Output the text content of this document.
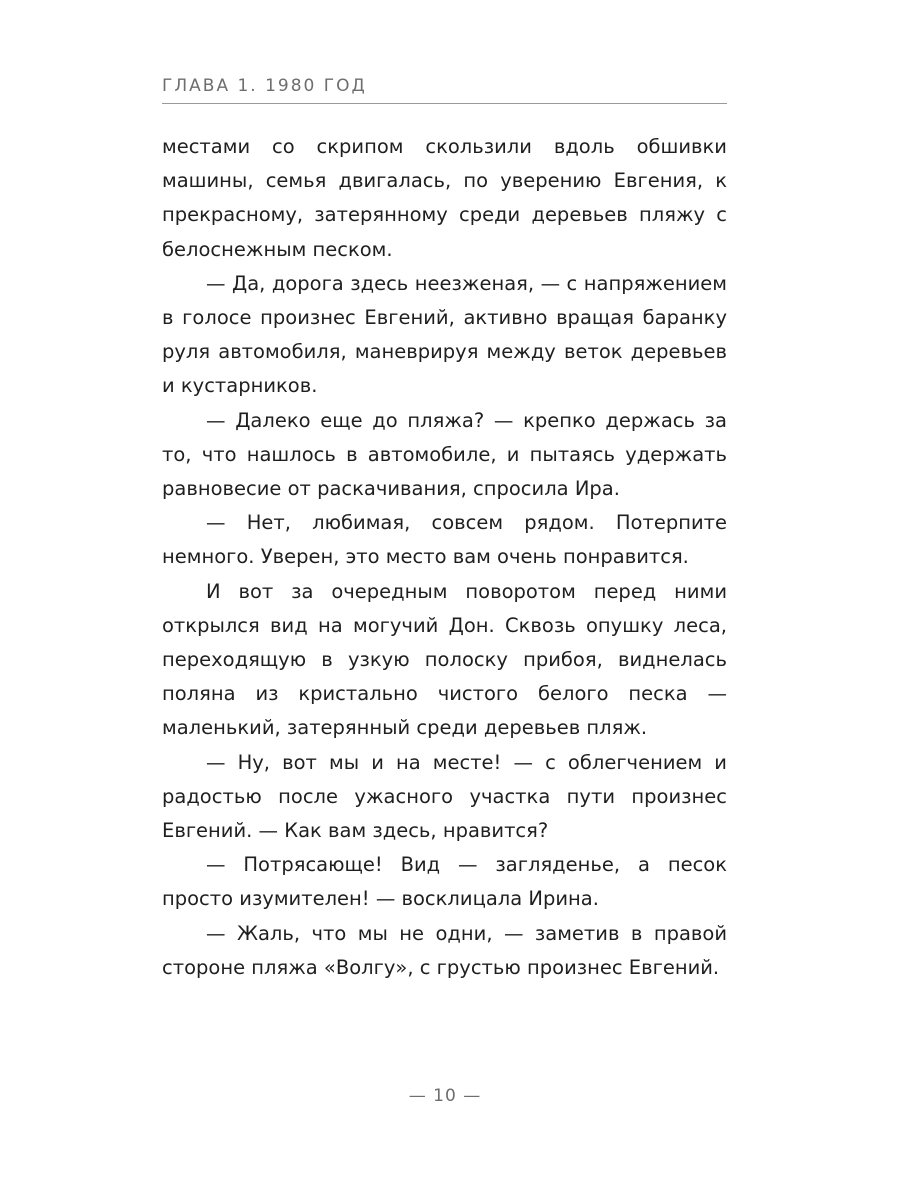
ГЛАВА 1. 1980 ГОД

местами со скрипом скользили вдоль обшивки машины, семья двигалась, по уверению Евгения, к прекрасному, затерянному среди деревьев пляжу с белоснежным песком.

— Да, дорога здесь неезженая, — с напряжением в голосе произнес Евгений, активно вращая баранку руля автомобиля, маневрируя между веток деревьев и кустарников.

— Далеко еще до пляжа? — крепко держась за то, что нашлось в автомобиле, и пытаясь удержать равновесие от раскачивания, спросила Ира.

— Нет, любимая, совсем рядом. Потерпите немного. Уверен, это место вам очень понравится.

И вот за очередным поворотом перед ними открылся вид на могучий Дон. Сквозь опушку леса, переходящую в узкую полоску прибоя, виднелась поляна из кристально чистого белого песка — маленький, затерянный среди деревьев пляж.

— Ну, вот мы и на месте! — с облегчением и радостью после ужасного участка пути произнес Евгений. — Как вам здесь, нравится?

— Потрясающе! Вид — загляденье, а песок просто изумителен! — восклицала Ирина.

— Жаль, что мы не одни, — заметив в правой стороне пляжа «Волгу», с грустью произнес Евгений.

— 10 —
